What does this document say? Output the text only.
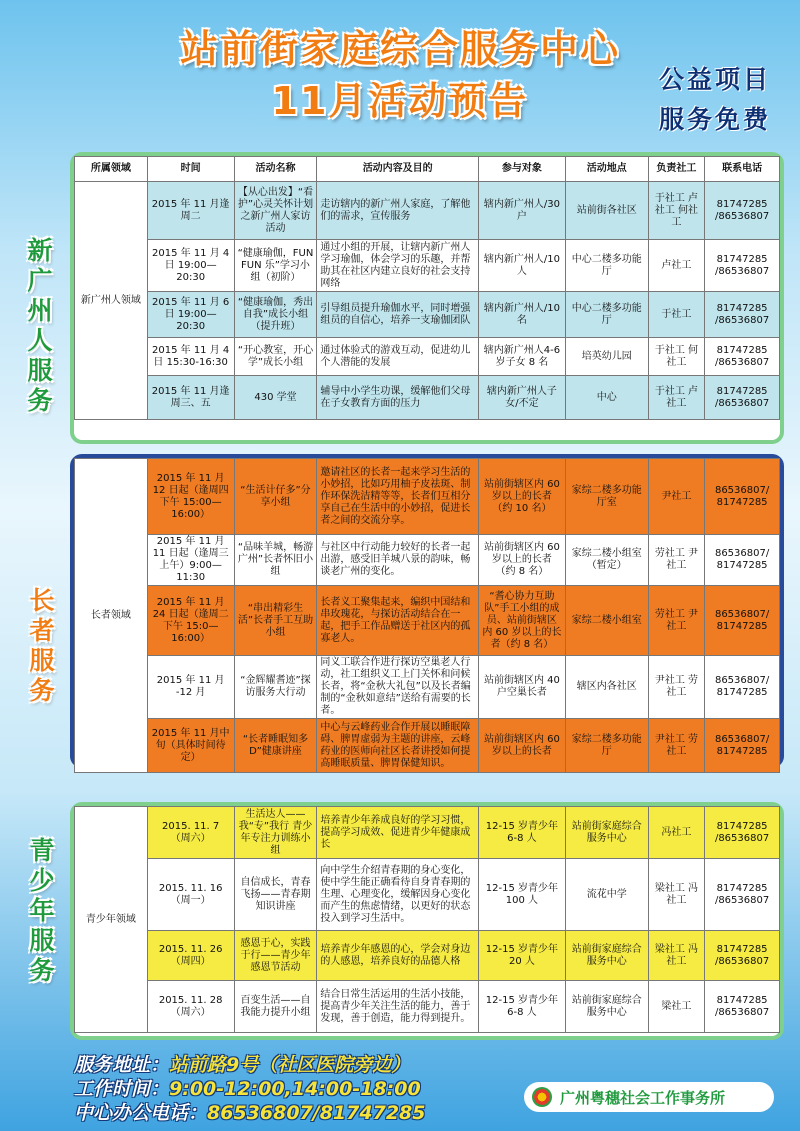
站前街家庭综合服务中心
11月活动预告	公益项目
服务免费
新广州人服务
所属领域	时间	活动名称	活动内容及目的	参与对象	活动地点	负责社工	联系电话
新广州人领域	2015 年 11 月逢周二	【从心出发】“看护”心灵关怀计划之新广州人家访活动	走访辖内的新广州人家庭，了解他们的需求，宣传服务	辖内新广州人/30 户	站前街各社区	于社工 卢社工 何社工	81747285 /86536807
	2015 年 11 月 4 日 19:00—20:30	“健康瑜伽，FUN FUN 乐”学习小组（初阶）	通过小组的开展，让辖内新广州人学习瑜伽，体会学习的乐趣，并帮助其在社区内建立良好的社会支持网络	辖内新广州人/10 人	中心二楼多功能厅	卢社工	81747285 /86536807
	2015 年 11 月 6 日 19:00—20:30	“健康瑜伽，秀出自我”成长小组（提升班）	引导组员提升瑜伽水平，同时增强组员的自信心，培养一支瑜伽团队	辖内新广州人/10 名	中心二楼多功能厅	于社工	81747285 /86536807
	2015 年 11 月 4 日 15:30-16:30	“开心教室，开心学”成长小组	通过体验式的游戏互动，促进幼儿个人潜能的发展	辖内新广州人4-6 岁子女 8 名	培英幼儿园	于社工 何社工	81747285 /86536807
	2015 年 11 月逢周三、五	430 学堂	辅导中小学生功课，缓解他们父母在子女教育方面的压力	辖内新广州人子女/不定	中心	于社工 卢社工	81747285 /86536807
长者服务
长者领域	2015 年 11 月 12 日起（逢周四下午 15:00—16:00）	“生活计仔多”分享小组	邀请社区的长者一起来学习生活的小妙招，比如巧用柚子皮祛斑、制作环保洗洁精等等，长者们互相分享自己在生活中的小妙招，促进长者之间的交流分享。	站前街辖区内 60 岁以上的长者（约 10 名）	家综二楼多功能厅室	尹社工	86536807/ 81747285
	2015 年 11 月 11 日起（逢周三上午）9:00—11:30	“品味羊城，畅游广州”长者怀旧小组	与社区中行动能力较好的长者一起出游，感受旧羊城八景的韵味，畅谈老广州的变化。	站前街辖区内 60 岁以上的长者（约 8 名）	家综二楼小组室（暂定）	劳社工 尹社工	86536807/ 81747285
	2015 年 11 月 24 日起（逢周二下午 15:0—16:00）	“串出精彩生活”长者手工互助小组	长者义工聚集起来，编织中国结和串玫瑰花，与探访活动结合在一起，把手工作品赠送于社区内的孤寡老人。	“耆心协力互助队”手工小组的成员、站前街辖区内 60 岁以上的长者（约 8 名）	家综二楼小组室	劳社工 尹社工	86536807/ 81747285
	2015 年 11 月 -12 月	“金辉耀耆迹”探访服务大行动	同义工联合作进行探访空巢老人行动，社工组织义工上门关怀和问候长者，将“金秋大礼包”以及长者编制的“金秋如意结”送给有需要的长者。	站前街辖区内 40 户空巢长者	辖区内各社区	尹社工 劳社工	86536807/ 81747285
	2015 年 11 月中旬（具体时间待定）	“长者睡眠知多 D”健康讲座	中心与云峰药业合作开展以睡眠障碍、脾胃虚弱为主题的讲座，云峰药业的医师向社区长者讲授如何提高睡眠质量、脾胃保健知识。	站前街辖区内 60 岁以上的长者	家综二楼多功能厅	尹社工 劳社工	86536807/ 81747285
青少年服务
青少年领域	2015. 11. 7 （周六）	生活达人——我“专”我行 青少年专注力训练小组	培养青少年养成良好的学习习惯，提高学习成效、促进青少年健康成长	12-15 岁青少年 6-8 人	站前街家庭综合服务中心	冯社工	81747285 /86536807
	2015. 11. 16 （周一）	自信成长，青春飞扬——青春期知识讲座	向中学生介绍青春期的身心变化，使中学生能正确看待自身青春期的生理、心理变化，缓解因身心变化而产生的焦虑情绪，以更好的状态投入到学习生活中。	12-15 岁青少年 100 人	流花中学	梁社工 冯社工	81747285 /86536807
	2015. 11. 26 （周四）	感恩于心，实践于行——青少年感恩节活动	培养青少年感恩的心，学会对身边的人感恩，培养良好的品德人格	12-15 岁青少年 20 人	站前街家庭综合服务中心	梁社工 冯社工	81747285 /86536807
	2015. 11. 28 （周六）	百变生活——自我能力提升小组	结合日常生活运用的生活小技能，提高青少年关注生活的能力，善于发现，善于创造，能力得到提升。	12-15 岁青少年 6-8 人	站前街家庭综合服务中心	梁社工	81747285 /86536807
服务地址：站前路9号（社区医院旁边）
工作时间：9:00-12:00,14:00-18:00
中心办公电话：86536807/81747285
广州粤穗社会工作事务所
